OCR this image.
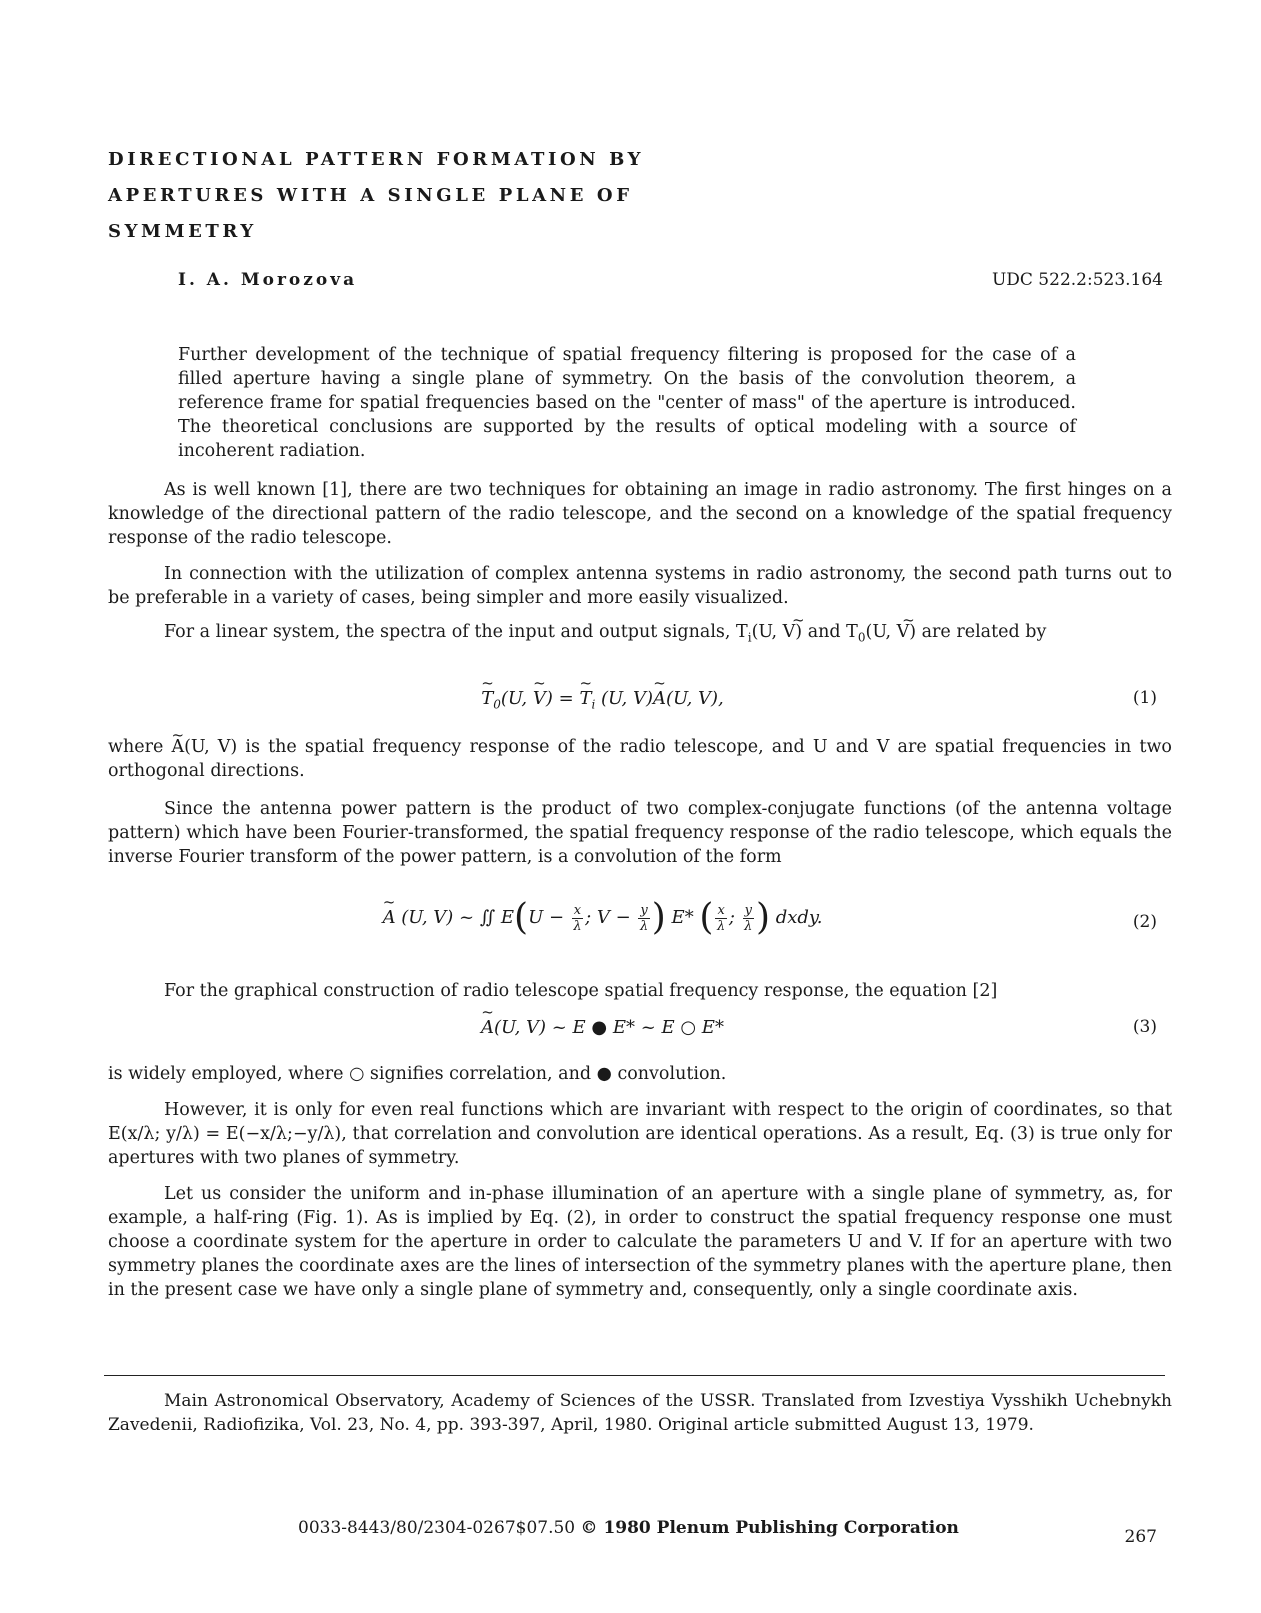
DIRECTIONAL PATTERN FORMATION BY APERTURES WITH A SINGLE PLANE OF SYMMETRY
I. A. Morozova	UDC 522.2:523.164

Further development of the technique of spatial frequency filtering is proposed for the case of a filled aperture having a single plane of symmetry. On the basis of the convolution theorem, a reference frame for spatial frequencies based on the "center of mass" of the aperture is introduced. The theoretical conclusions are supported by the results of optical modeling with a source of incoherent radiation.

As is well known [1], there are two techniques for obtaining an image in radio astronomy. The first hinges on a knowledge of the directional pattern of the radio telescope, and the second on a knowledge of the spatial frequency response of the radio telescope.

In connection with the utilization of complex antenna systems in radio astronomy, the second path turns out to be preferable in a variety of cases, being simpler and more easily visualized.

For a linear system, the spectra of the input and output signals, ~ $T_i(U$, V) and ~ $T_0(U$, V) are related by

~ $T_0(U$, ~ V) = ~ $T_i$ (U, V)~ A(U, V),	(1)

where ~ A(U, V) is the spatial frequency response of the radio telescope, and U and V are spatial frequencies in two orthogonal directions.

Since the antenna power pattern is the product of two complex-conjugate functions (of the antenna voltage pattern) which have been Fourier-transformed, the spatial frequency response of the radio telescope, which equals the inverse Fourier transform of the power pattern, is a convolution of the form

~ A (U, V) ~ ∬ $E(U - \frac{x}{\lambda}$ ; $V - \frac{y}{\lambda}$ ) E* ( $\frac{x}{\lambda}$ ; $\frac{y}{\lambda}$ ) dxdy.	(2)

For the graphical construction of radio telescope spatial frequency response, the equation [2]

~ A(U, V) ~ E ● E* ~ E ○ E*	(3)

is widely employed, where ○ signifies correlation, and ● convolution.

However, it is only for even real functions which are invariant with respect to the origin of coordinates, so that E(x/λ; y/λ) = E(−x/λ;−y/λ), that correlation and convolution are identical operations. As a result, Eq. (3) is true only for apertures with two planes of symmetry.

Let us consider the uniform and in-phase illumination of an aperture with a single plane of symmetry, as, for example, a half-ring (Fig. 1). As is implied by Eq. (2), in order to construct the spatial frequency response one must choose a coordinate system for the aperture in order to calculate the parameters U and V. If for an aperture with two symmetry planes the coordinate axes are the lines of intersection of the symmetry planes with the aperture plane, then in the present case we have only a single plane of symmetry and, consequently, only a single coordinate axis.

Main Astronomical Observatory, Academy of Sciences of the USSR. Translated from Izvestiya Vysshikh Uchebnykh Zavedenii, Radiofizika, Vol. 23, No. 4, pp. 393-397, April, 1980. Original article submitted August 13, 1979.

0033-8443/80/2304-0267$07.50 © 1980 Plenum Publishing Corporation	267
